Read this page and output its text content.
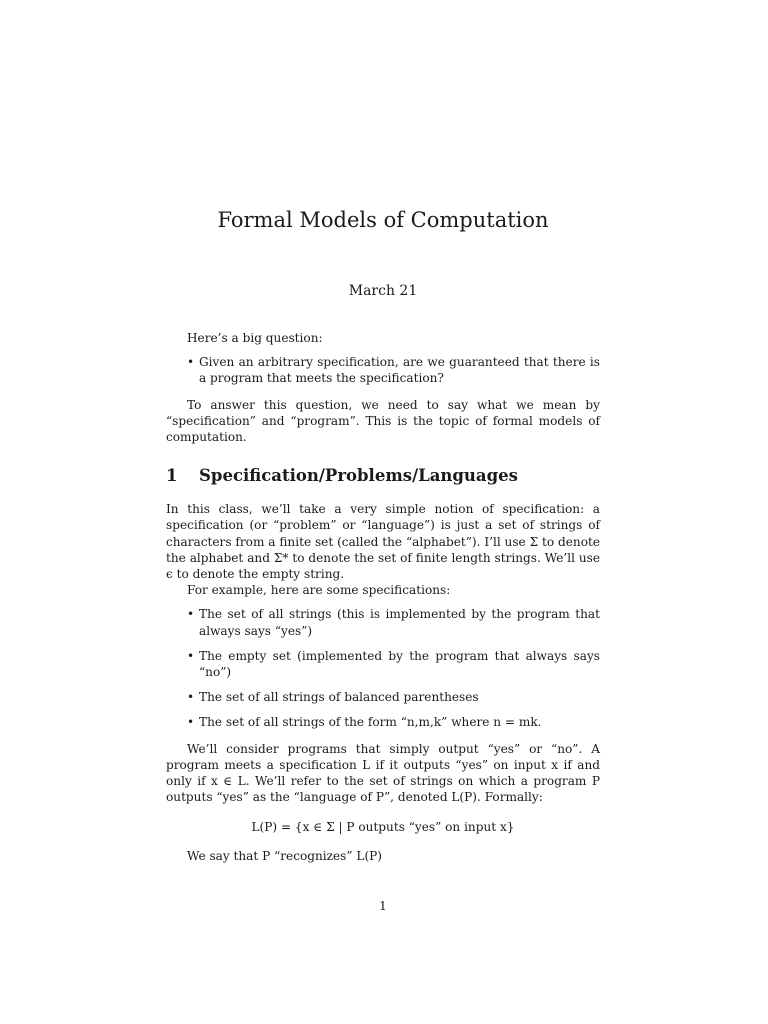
Formal Models of Computation
March 21

Here’s a big question:

• Given an arbitrary specification, are we guaranteed that there is a program that meets the specification?

To answer this question, we need to say what we mean by “specification” and “program”. This is the topic of formal models of computation.

1 Specification/Problems/Languages

In this class, we’ll take a very simple notion of specification: a specification (or “problem” or “language”) is just a set of strings of characters from a finite set (called the “alphabet”). I’ll use Σ to denote the alphabet and Σ* to denote the set of finite length strings. We’ll use ϵ to denote the empty string.

For example, here are some specifications:

• The set of all strings (this is implemented by the program that always says “yes”)
• The empty set (implemented by the program that always says “no”)
• The set of all strings of balanced parentheses
• The set of all strings of the form “n,m,k” where n = mk.

We’ll consider programs that simply output “yes” or “no”. A program meets a specification L if it outputs “yes” on input x if and only if x ∈ L. We’ll refer to the set of strings on which a program P outputs “yes” as the “language of P”, denoted L(P). Formally:

L(P) = {x ∈ Σ | P outputs “yes” on input x}

We say that P “recognizes” L(P)

1
